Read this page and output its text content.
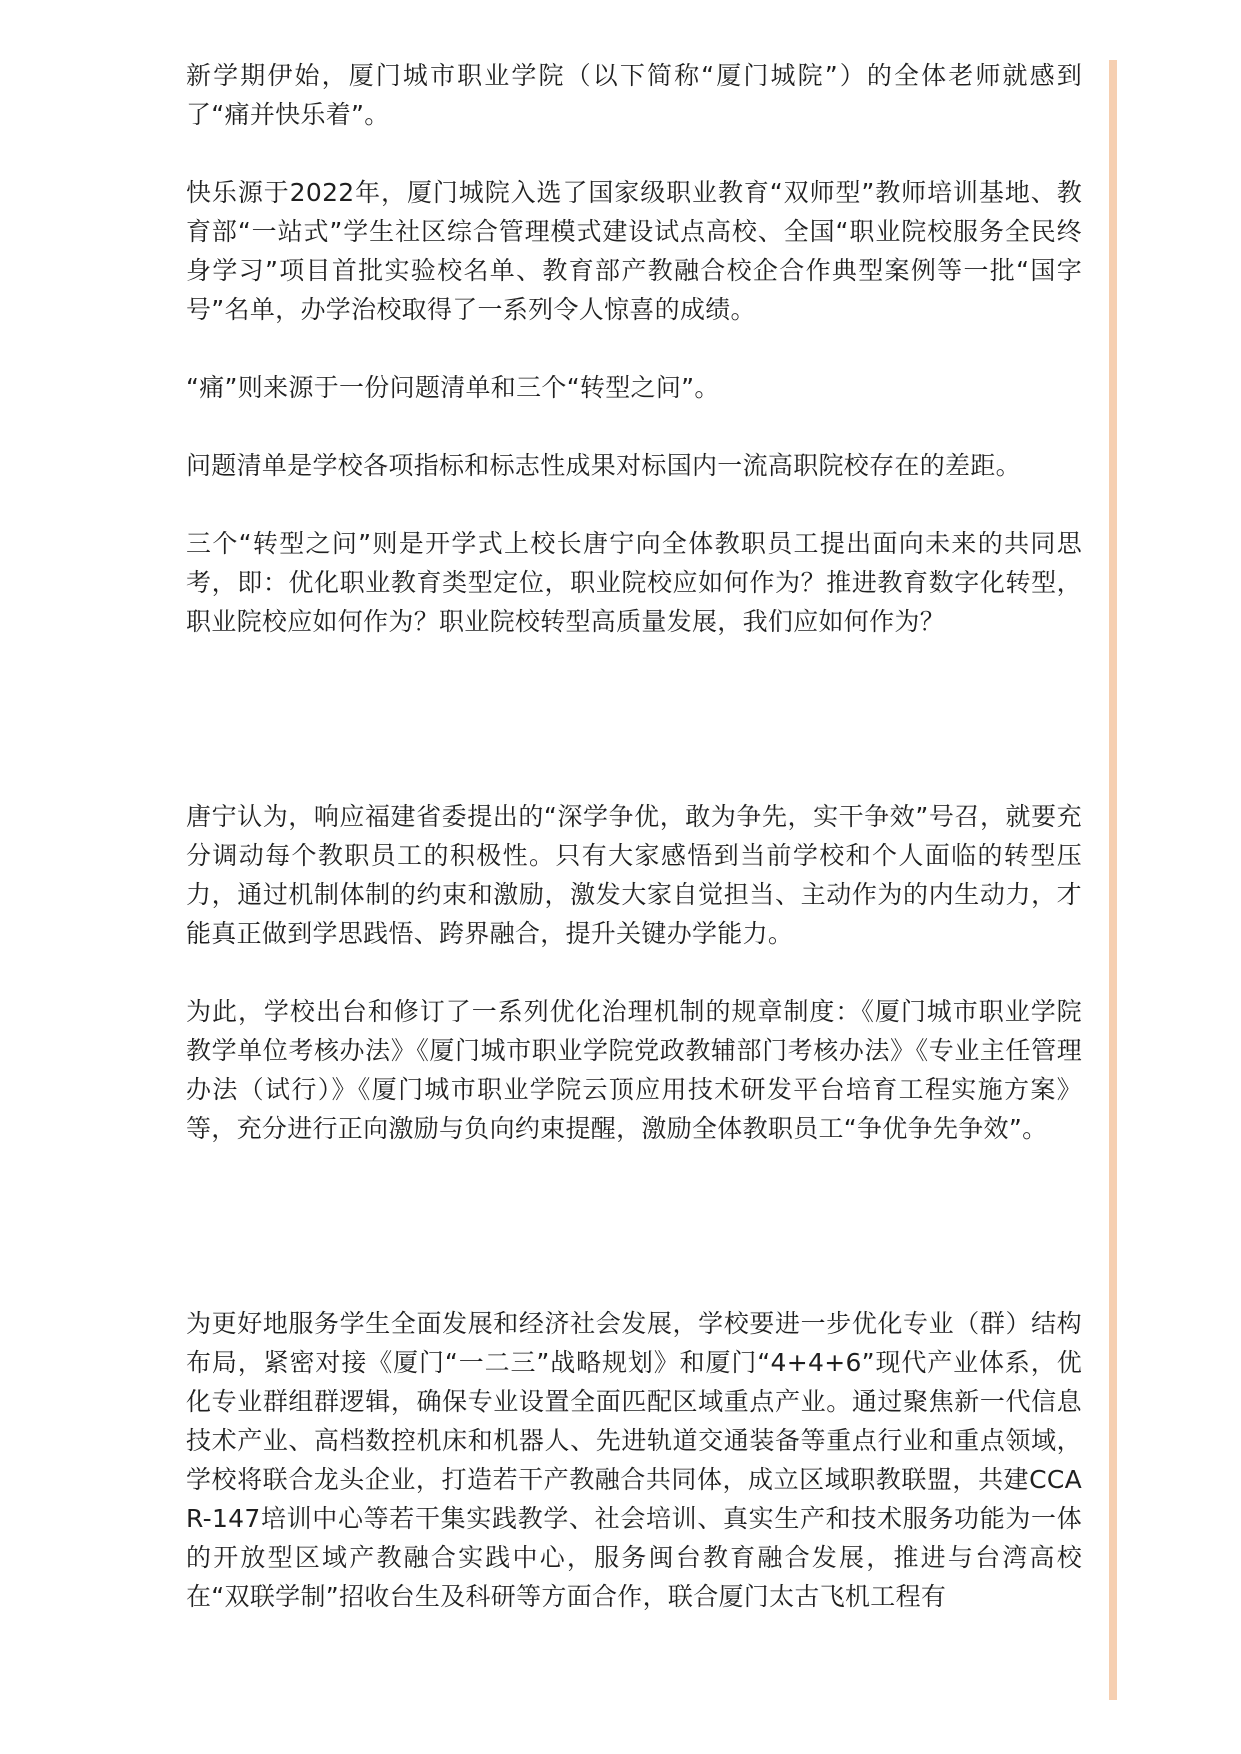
新学期伊始，厦门城市职业学院（以下简称“厦门城院”）的全体老师就感到了“痛并快乐着”。

快乐源于2022年，厦门城院入选了国家级职业教育“双师型”教师培训基地、教育部“一站式”学生社区综合管理模式建设试点高校、全国“职业院校服务全民终身学习”项目首批实验校名单、教育部产教融合校企合作典型案例等一批“国字号”名单，办学治校取得了一系列令人惊喜的成绩。

“痛”则来源于一份问题清单和三个“转型之问”。

问题清单是学校各项指标和标志性成果对标国内一流高职院校存在的差距。

三个“转型之问”则是开学式上校长唐宁向全体教职员工提出面向未来的共同思考，即：优化职业教育类型定位，职业院校应如何作为？推进教育数字化转型，职业院校应如何作为？职业院校转型高质量发展，我们应如何作为？

唐宁认为，响应福建省委提出的“深学争优，敢为争先，实干争效”号召，就要充分调动每个教职员工的积极性。只有大家感悟到当前学校和个人面临的转型压力，通过机制体制的约束和激励，激发大家自觉担当、主动作为的内生动力，才能真正做到学思践悟、跨界融合，提升关键办学能力。

为此，学校出台和修订了一系列优化治理机制的规章制度：《厦门城市职业学院教学单位考核办法》《厦门城市职业学院党政教辅部门考核办法》《专业主任管理办法（试行）》《厦门城市职业学院云顶应用技术研发平台培育工程实施方案》等，充分进行正向激励与负向约束提醒，激励全体教职员工“争优争先争效”。

为更好地服务学生全面发展和经济社会发展，学校要进一步优化专业（群）结构布局，紧密对接《厦门“一二三”战略规划》和厦门“4+4+6”现代产业体系，优化专业群组群逻辑，确保专业设置全面匹配区域重点产业。通过聚焦新一代信息技术产业、高档数控机床和机器人、先进轨道交通装备等重点行业和重点领域，学校将联合龙头企业，打造若干产教融合共同体，成立区域职教联盟，共建CCAR-147培训中心等若干集实践教学、社会培训、真实生产和技术服务功能为一体的开放型区域产教融合实践中心，服务闽台教育融合发展，推进与台湾高校在“双联学制”招收台生及科研等方面合作，联合厦门太古飞机工程有
